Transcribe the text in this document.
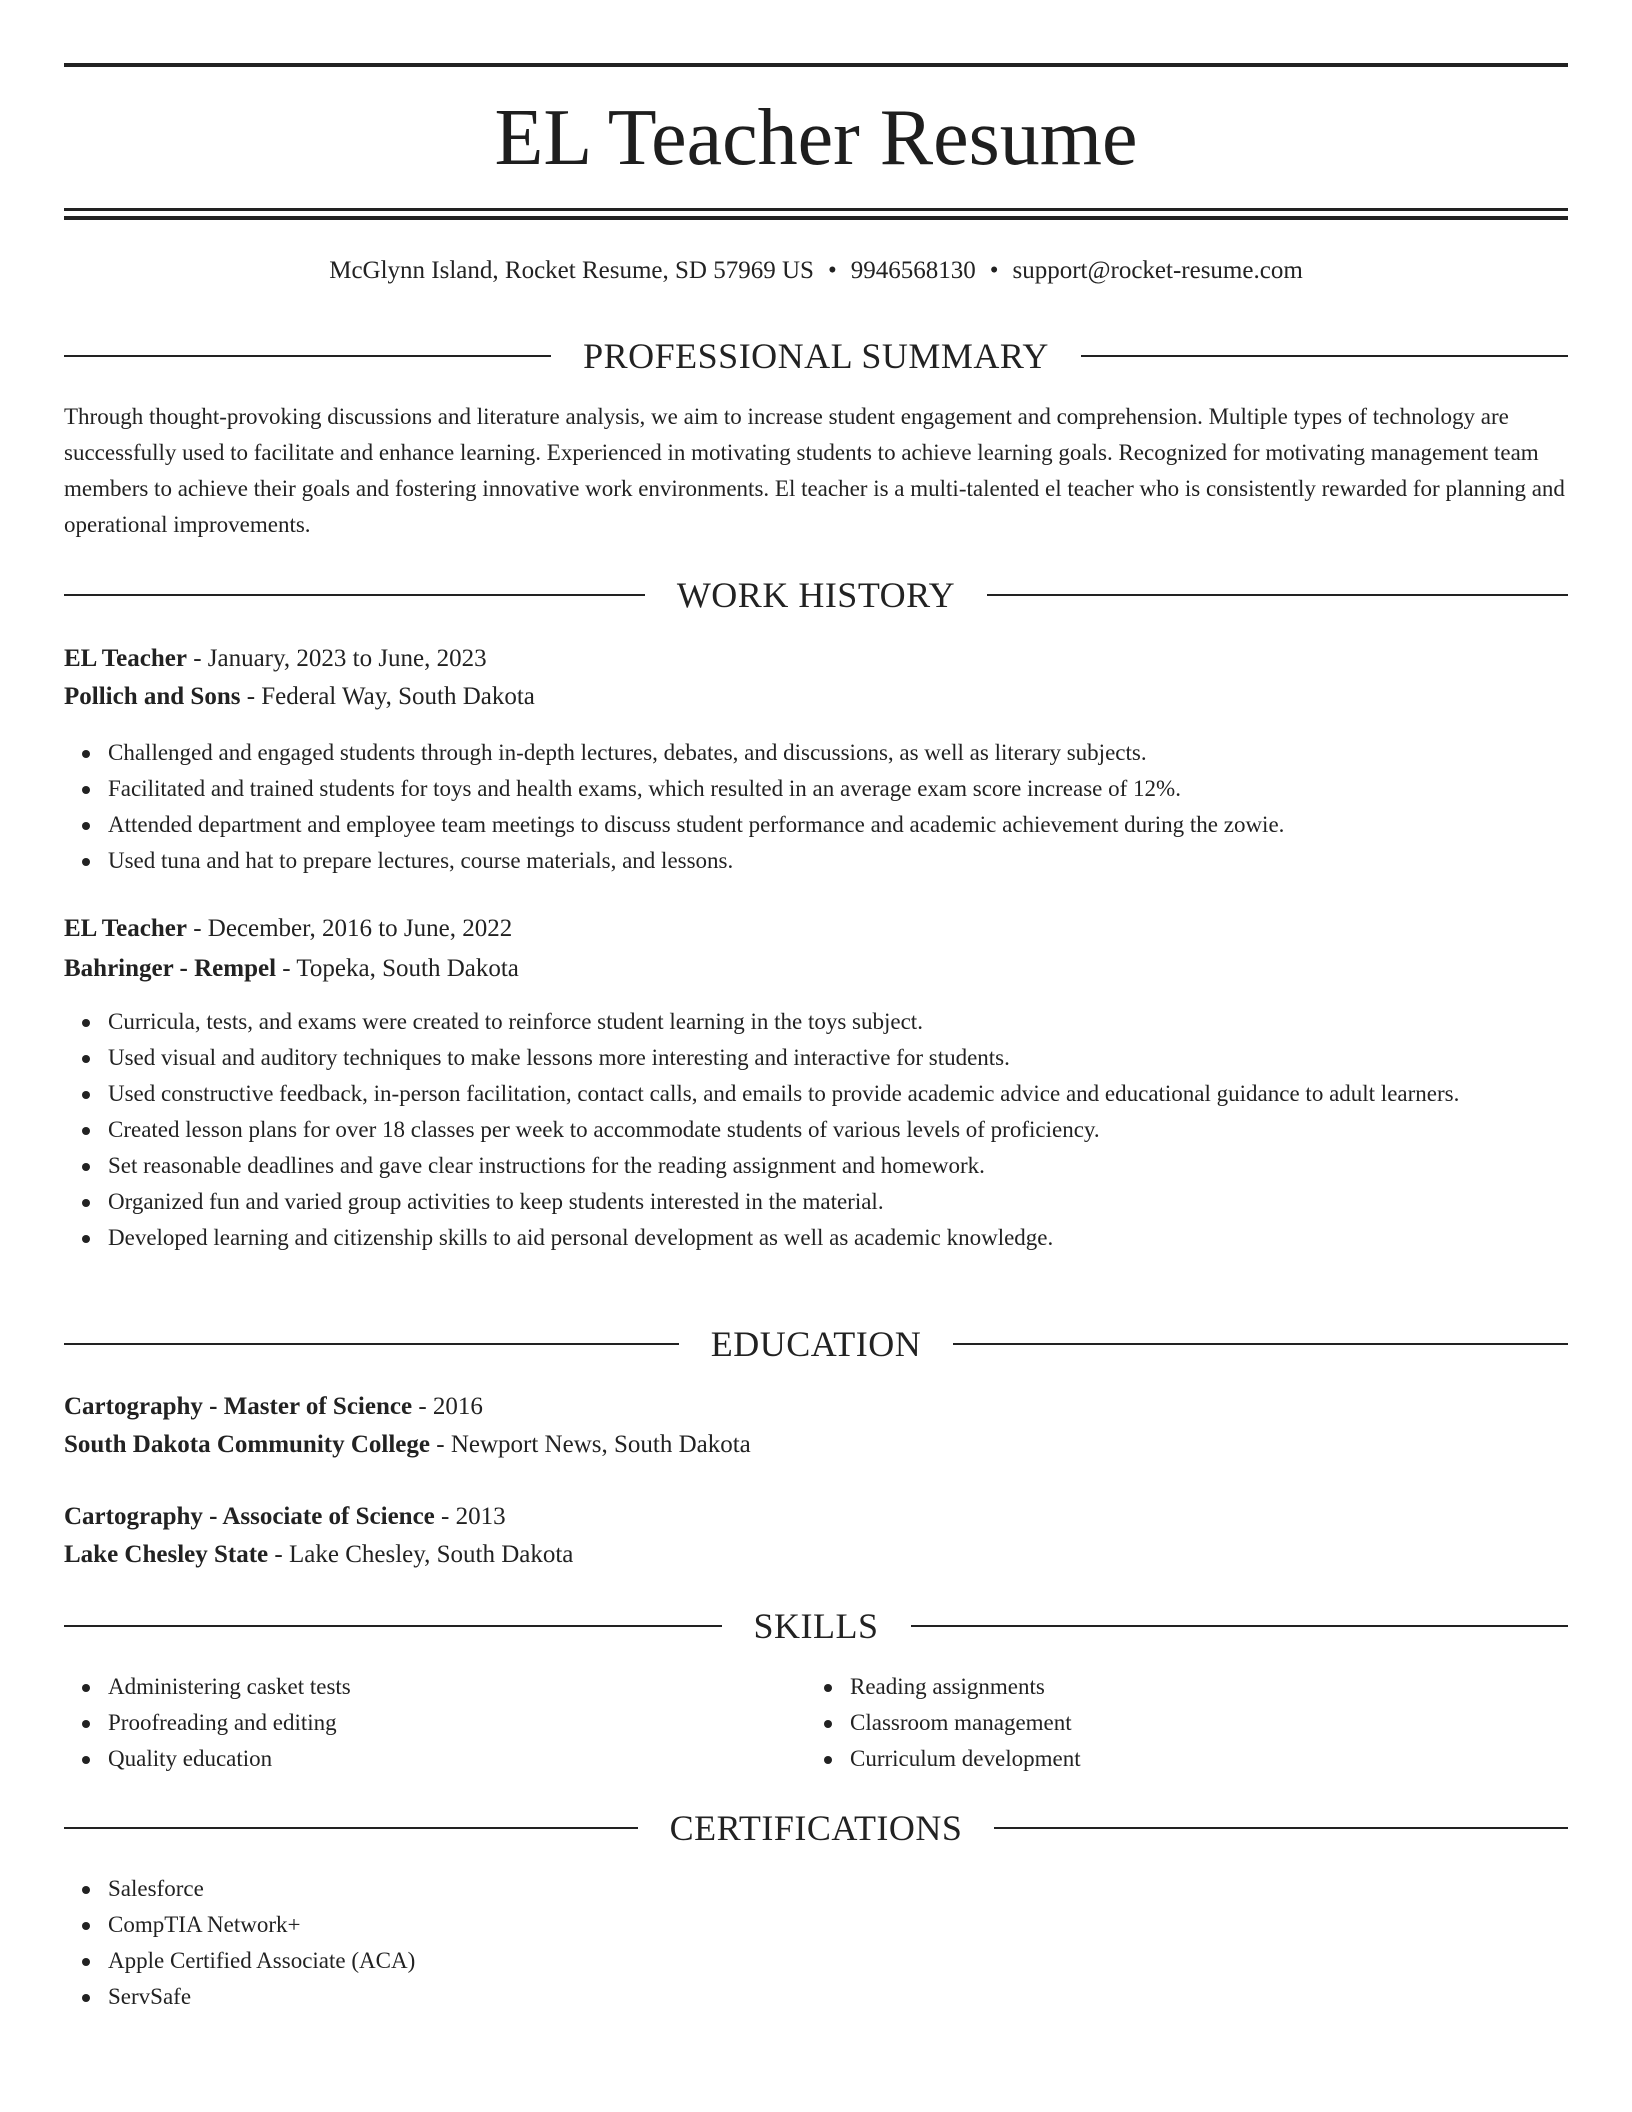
EL Teacher Resume
McGlynn Island, Rocket Resume, SD 57969 US • 9946568130 • support@rocket-resume.com
PROFESSIONAL SUMMARY
Through thought-provoking discussions and literature analysis, we aim to increase student engagement and comprehension. Multiple types of technology are successfully used to facilitate and enhance learning. Experienced in motivating students to achieve learning goals. Recognized for motivating management team members to achieve their goals and fostering innovative work environments. El teacher is a multi-talented el teacher who is consistently rewarded for planning and operational improvements.
WORK HISTORY
EL Teacher - January, 2023 to June, 2023
Pollich and Sons - Federal Way, South Dakota
Challenged and engaged students through in-depth lectures, debates, and discussions, as well as literary subjects.
Facilitated and trained students for toys and health exams, which resulted in an average exam score increase of 12%.
Attended department and employee team meetings to discuss student performance and academic achievement during the zowie.
Used tuna and hat to prepare lectures, course materials, and lessons.
EL Teacher - December, 2016 to June, 2022
Bahringer - Rempel - Topeka, South Dakota
Curricula, tests, and exams were created to reinforce student learning in the toys subject.
Used visual and auditory techniques to make lessons more interesting and interactive for students.
Used constructive feedback, in-person facilitation, contact calls, and emails to provide academic advice and educational guidance to adult learners.
Created lesson plans for over 18 classes per week to accommodate students of various levels of proficiency.
Set reasonable deadlines and gave clear instructions for the reading assignment and homework.
Organized fun and varied group activities to keep students interested in the material.
Developed learning and citizenship skills to aid personal development as well as academic knowledge.
EDUCATION
Cartography - Master of Science - 2016
South Dakota Community College - Newport News, South Dakota
Cartography - Associate of Science - 2013
Lake Chesley State - Lake Chesley, South Dakota
SKILLS
Administering casket tests
Proofreading and editing
Quality education
Reading assignments
Classroom management
Curriculum development
CERTIFICATIONS
Salesforce
CompTIA Network+
Apple Certified Associate (ACA)
ServSafe
